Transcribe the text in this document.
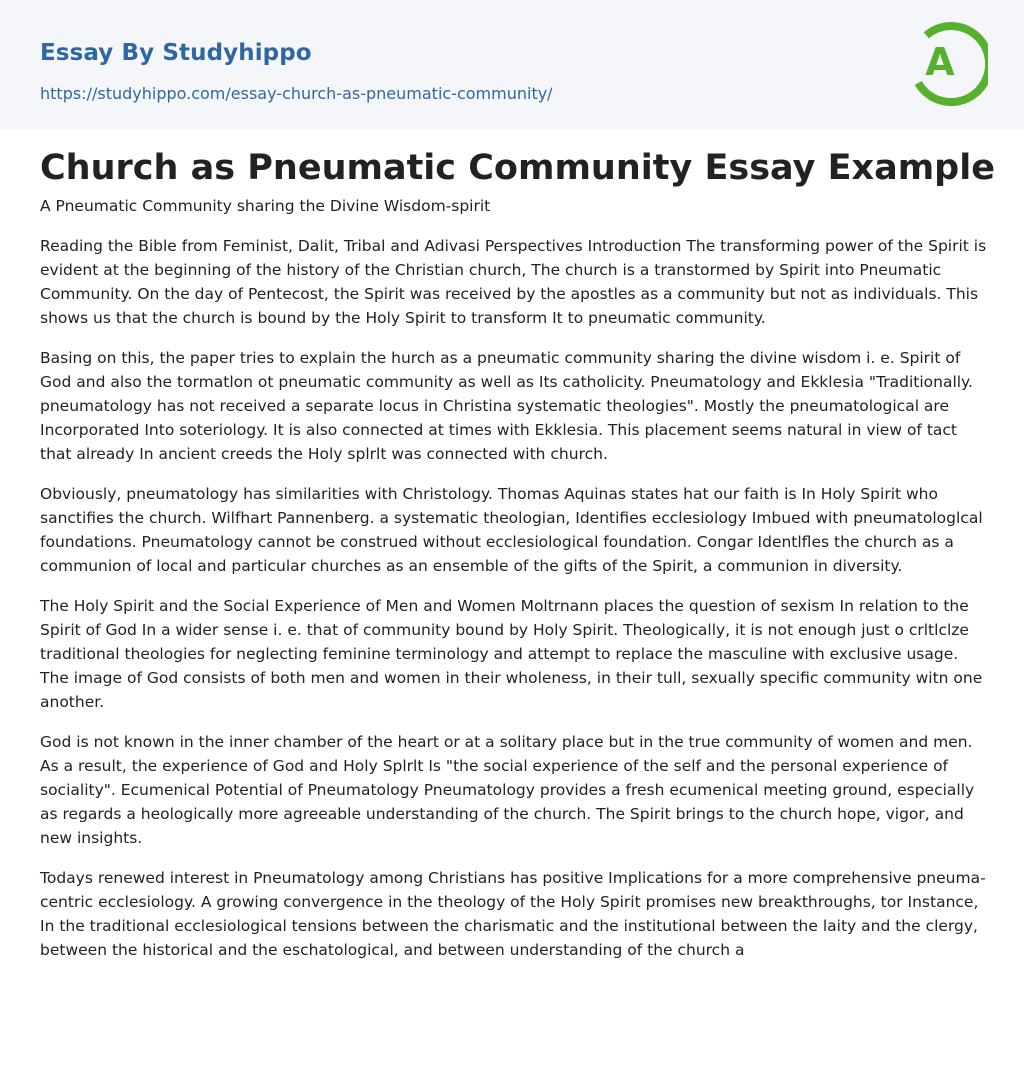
Essay By Studyhippo
https://studyhippo.com/essay-church-as-pneumatic-community/
A
Church as Pneumatic Community Essay Example

A Pneumatic Community sharing the Divine Wisdom-spirit

Reading the Bible from Feminist, Dalit, Tribal and Adivasi Perspectives Introduction The transforming power of the Spirit is evident at the beginning of the history of the Christian church, The church is a transtormed by Spirit into Pneumatic Community. On the day of Pentecost, the Spirit was received by the apostles as a community but not as individuals. This shows us that the church is bound by the Holy Spirit to transform It to pneumatic community.

Basing on this, the paper tries to explain the hurch as a pneumatic community sharing the divine wisdom i. e. Spirit of God and also the tormatlon ot pneumatic community as well as Its catholicity. Pneumatology and Ekklesia "Traditionally. pneumatology has not received a separate locus in Christina systematic theologies". Mostly the pneumatological are Incorporated Into soteriology. It is also connected at times with Ekklesia. This placement seems natural in view of tact that already In ancient creeds the Holy splrlt was connected with church.

Obviously, pneumatology has similarities with Christology. Thomas Aquinas states hat our faith is In Holy Spirit who sanctifies the church. Wilfhart Pannenberg. a systematic theologian, Identifies ecclesiology Imbued with pneumatologlcal foundations. Pneumatology cannot be construed without ecclesiological foundation. Congar Identlfles the church as a communion of local and particular churches as an ensemble of the gifts of the Spirit, a communion in diversity.

The Holy Spirit and the Social Experience of Men and Women Moltrnann places the question of sexism In relation to the Spirit of God In a wider sense i. e. that of community bound by Holy Spirit. Theologically, it is not enough just o crltlclze traditional theologies for neglecting feminine terminology and attempt to replace the masculine with exclusive usage. The image of God consists of both men and women in their wholeness, in their tull, sexually specific community witn one another.

God is not known in the inner chamber of the heart or at a solitary place but in the true community of women and men. As a result, the experience of God and Holy Splrlt Is "the social experience of the self and the personal experience of sociality". Ecumenical Potential of Pneumatology Pneumatology provides a fresh ecumenical meeting ground, especially as regards a heologically more agreeable understanding of the church. The Spirit brings to the church hope, vigor, and new insights.

Todays renewed interest in Pneumatology among Christians has positive Implications for a more comprehensive pneuma- centric ecclesiology. A growing convergence in the theology of the Holy Spirit promises new breakthroughs, tor Instance, In the traditional ecclesiological tensions between the charismatic and the institutional between the laity and the clergy, between the historical and the eschatological, and between understanding of the church a
